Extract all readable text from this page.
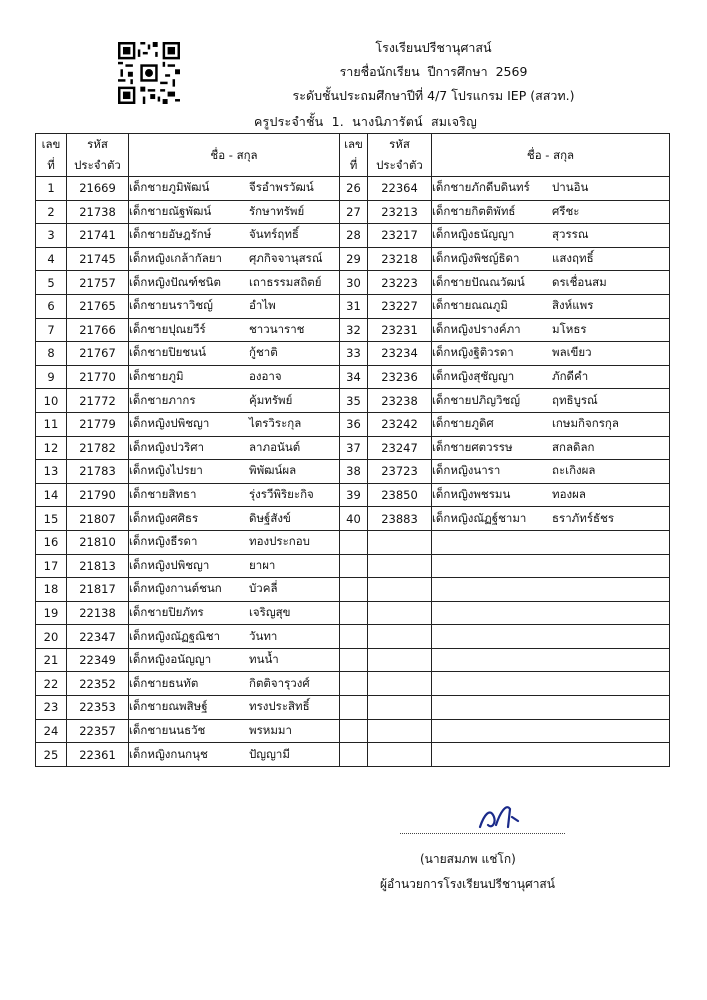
โรงเรียนปรีชานุศาสน์
รายชื่อนักเรียน ปีการศึกษา 2569
ระดับชั้นประถมศึกษาปีที่ 4/7 โปรแกรม IEP (สสวท.)
ครูประจำชั้น 1. นางนิภารัตน์ สมเจริญ
เลข
ที่	รหัส
ประจำตัว	ชื่อ - สกุล	เลข
ที่	รหัส
ประจำตัว	ชื่อ - สกุล
1	21669	เด็กชายภูมิพัฒน์ จีรอำพรวัฒน์	26	22364	เด็กชายภักดีบดินทร์ ปานอิน
2	21738	เด็กชายณัฐพัฒน์ รักษาทรัพย์	27	23213	เด็กชายกิตติพัทธ์ ศรีชะ
3	21741	เด็กชายอัษฎรักษ์ จันทร์ฤทธิ์	28	23217	เด็กหญิงธนัญญา สุวรรณ
4	21745	เด็กหญิงเกล้ากัลยา ศุภกิจจานุสรณ์	29	23218	เด็กหญิงพิชญ์ธิดา แสงฤทธิ์
5	21757	เด็กหญิงปัณฑ์ชนิต เถาธรรมสถิตย์	30	23223	เด็กชายปัณณวัฒน์ ดรเชื่อนสม
6	21765	เด็กชายนราวิชญ์ อำไพ	31	23227	เด็กชายณณภูมิ สิงห์แพร
7	21766	เด็กชายปุณยวีร์ ชาวนาราช	32	23231	เด็กหญิงปรางค์ภา มโหธร
8	21767	เด็กชายปิยชนน์ กู้ชาติ	33	23234	เด็กหญิงฐิติวรดา พลเขียว
9	21770	เด็กชายภูมิ องอาจ	34	23236	เด็กหญิงสุชัญญา ภักดีคำ
10	21772	เด็กชายภากร คุ้มทรัพย์	35	23238	เด็กชายปภิญวิชญ์ ฤทธิบูรณ์
11	21779	เด็กหญิงปพิชญา ไตรวิระกุล	36	23242	เด็กชายภูดิศ เกษมกิจกรกุล
12	21782	เด็กหญิงปวริศา ลาภอนันต์	37	23247	เด็กชายศตวรรษ สกลดิลก
13	21783	เด็กหญิงไปรยา พิพัฒน์ผล	38	23723	เด็กหญิงนารา ถะเกิงผล
14	21790	เด็กชายสิทธา รุ่งรวีพิริยะกิจ	39	23850	เด็กหญิงพชรมน ทองผล
15	21807	เด็กหญิงศศิธร ดิษฐ์สังข์	40	23883	เด็กหญิงณัฏฐ์ชามา ธราภัทร์ธัชร
16	21810	เด็กหญิงธีรดา ทองประกอบ			
17	21813	เด็กหญิงปพิชญา ยาผา			
18	21817	เด็กหญิงกานต์ชนก บัวคลี่			
19	22138	เด็กชายปิยภัทร เจริญสุข			
20	22347	เด็กหญิงณัฏฐณิชา วันทา			
21	22349	เด็กหญิงอนัญญา ทนน้ำ			
22	22352	เด็กชายธนทัต กิตติจารุวงศ์			
23	22353	เด็กชายณพสิษฐ์ ทรงประสิทธิ์			
24	22357	เด็กชายนนธวัช พรหมมา			
25	22361	เด็กหญิงกนกนุช ปัญญามี			
(นายสมภพ แช่โก)
ผู้อำนวยการโรงเรียนปรีชานุศาสน์
